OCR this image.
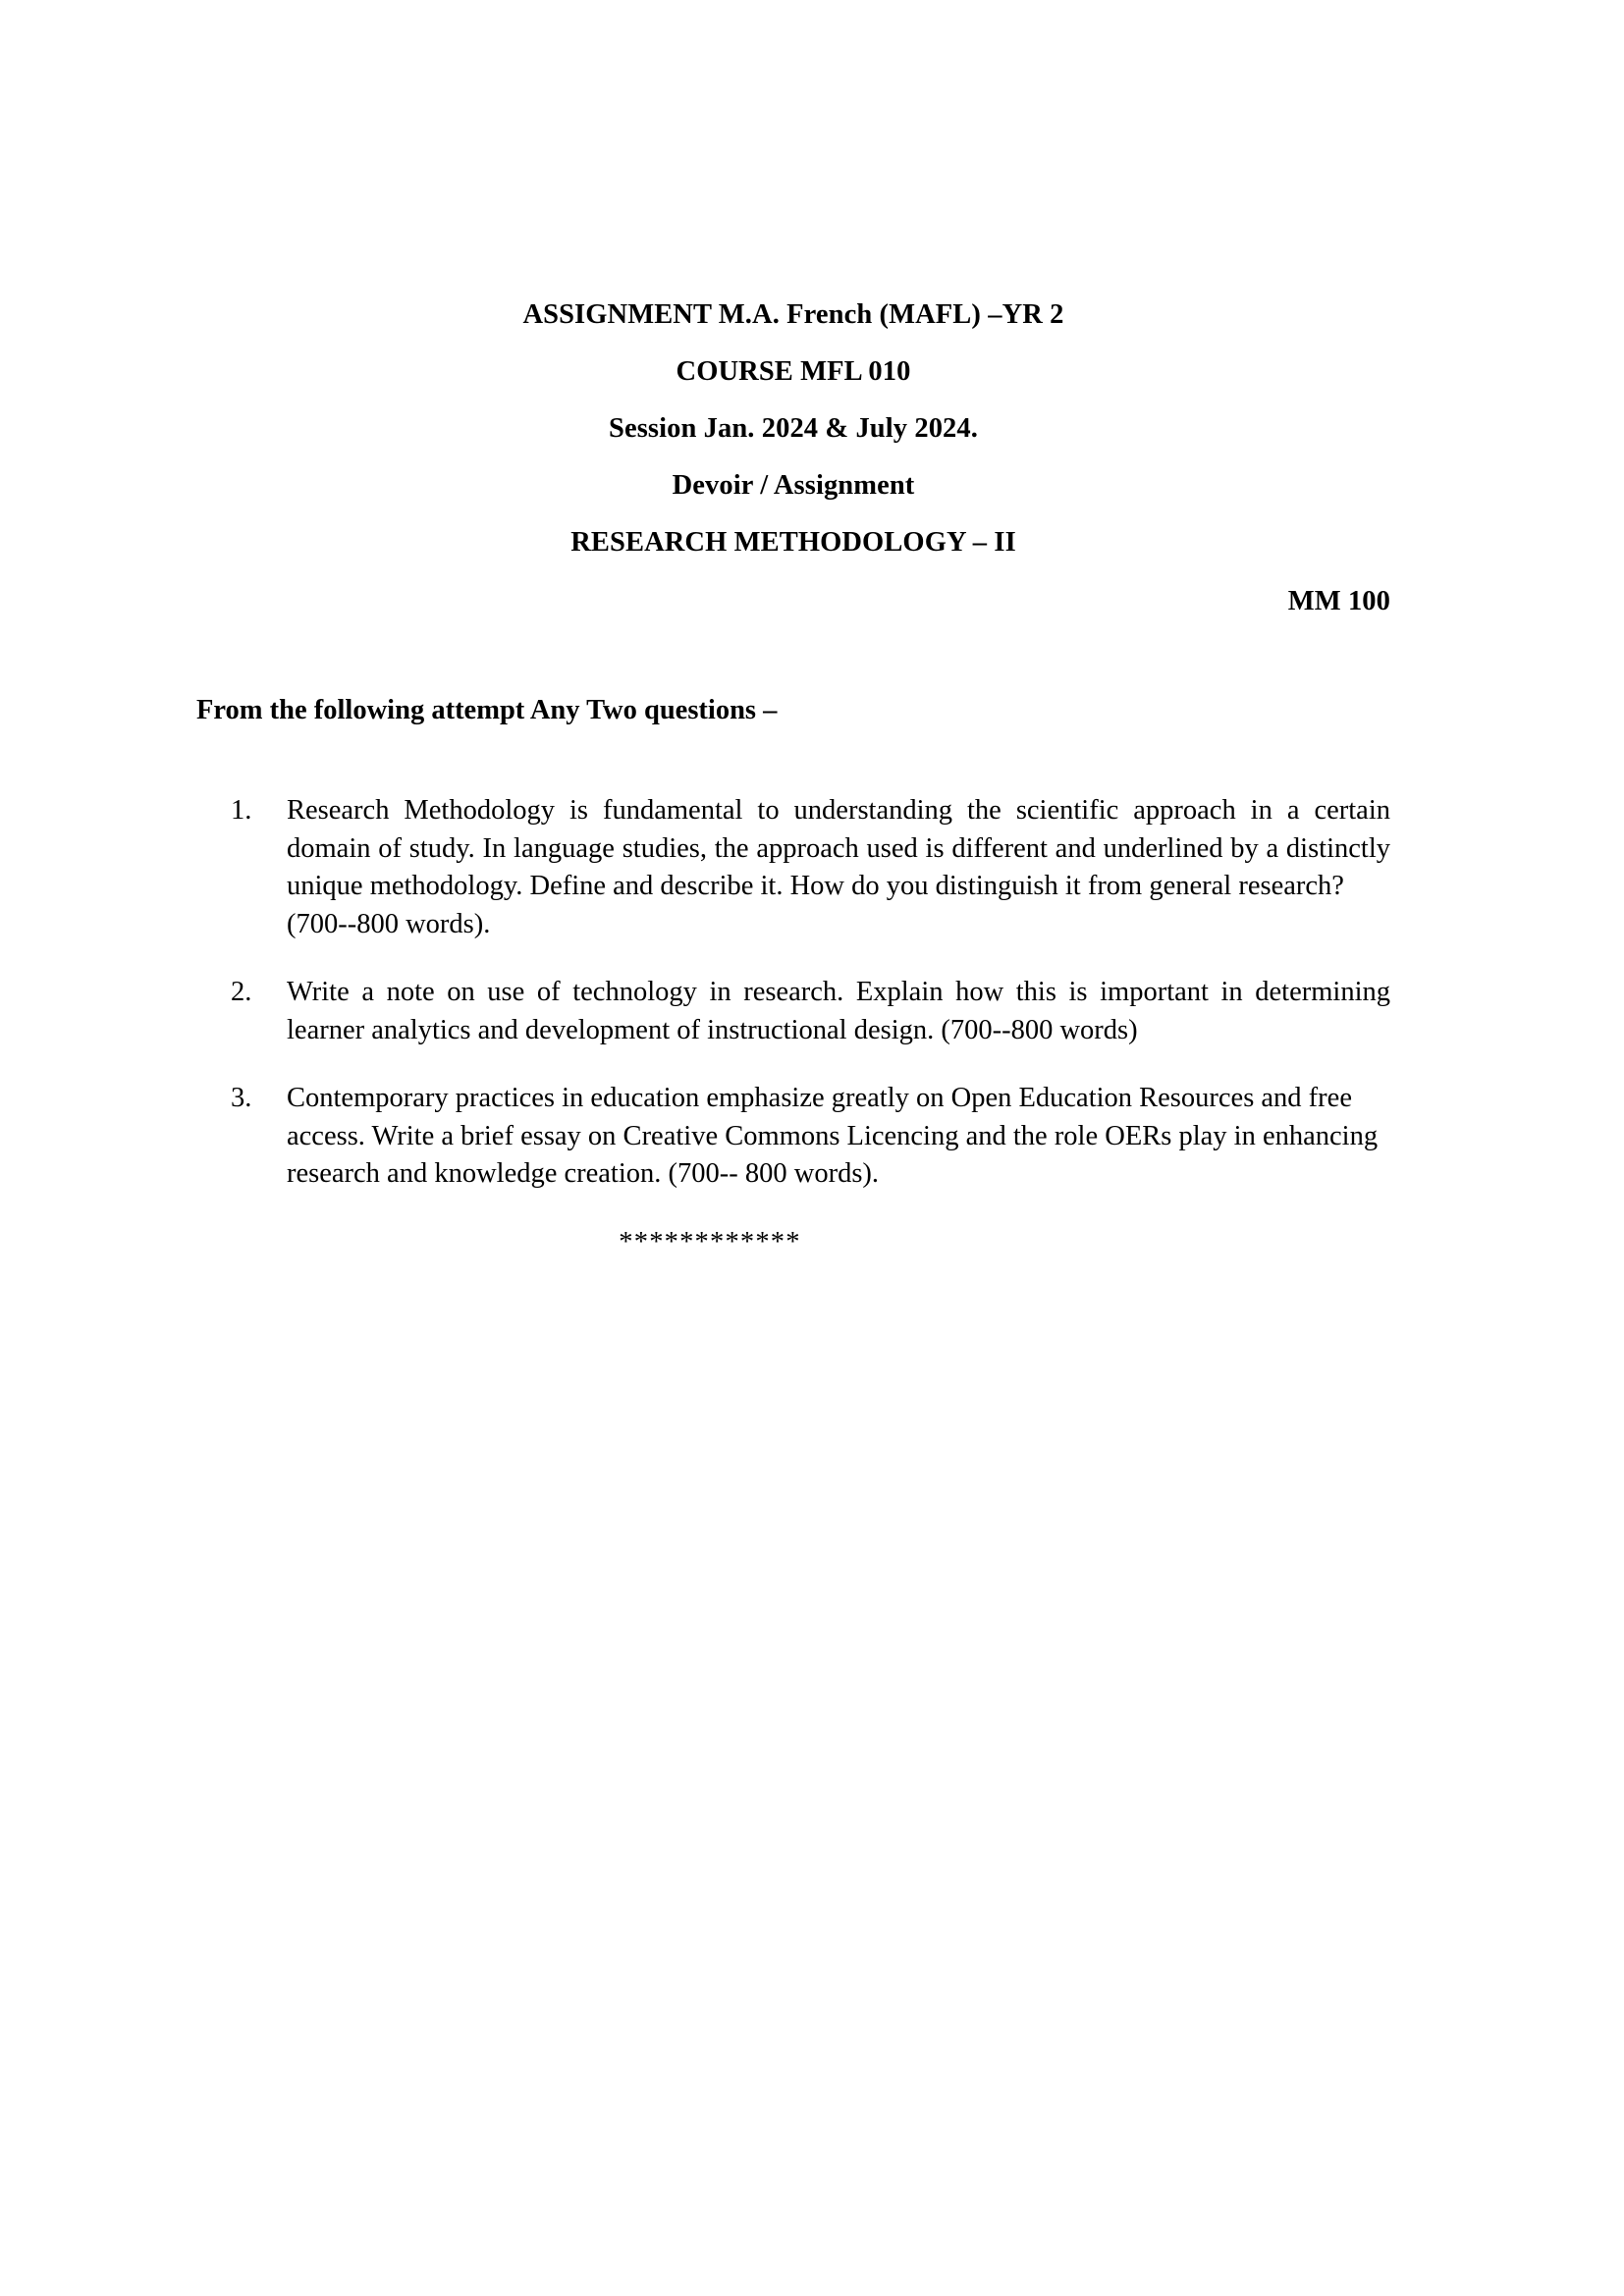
ASSIGNMENT M.A. French (MAFL) –YR 2
COURSE MFL 010
Session Jan. 2024 & July 2024.
Devoir / Assignment
RESEARCH METHODOLOGY – II
MM 100
From the following attempt Any Two questions –
1. Research Methodology is fundamental to understanding the scientific approach in a certain domain of study. In language studies, the approach used is different and underlined by a distinctly unique methodology. Define and describe it. How do you distinguish it from general research?
(700--800 words).
2. Write a note on use of technology in research. Explain how this is important in determining learner analytics and development of instructional design. (700--800 words)
3. Contemporary practices in education emphasize greatly on Open Education Resources and free access. Write a brief essay on Creative Commons Licencing and the role OERs play in enhancing research and knowledge creation. (700-- 800 words).
************
